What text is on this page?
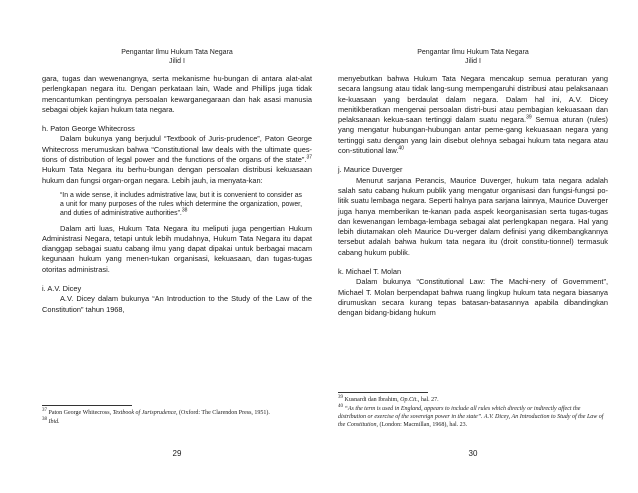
Pengantar Ilmu Hukum Tata Negara
Jilid I

gara, tugas dan wewenangnya, serta mekanisme hu-bungan di antara alat-alat perlengkapan negara itu. Dengan perkataan lain, Wade and Phillips juga tidak mencantumkan pentingnya persoalan kewarganegaraan dan hak asasi manusia sebagai objek kajian hukum tata negara.

h. Paton George Whitecross

Dalam bukunya yang berjudul “Textbook of Juris-prudence”, Paton George Whitecross merumuskan bahwa “Constitutional law deals with the ultimate ques-tions of distribution of legal power and the functions of the organs of the state”.$^{37}$ Hukum Tata Negara itu berhu-bungan dengan persoalan distribusi kekuasaan hukum dan fungsi organ-organ negara. Lebih jauh, ia menyata-kan:

“In a wide sense, it includes admistrative law, but it is convenient to consider as a unit for many purposes of the rules which determine the organization, power, and duties of administrative authorities”.$^{38}$

Dalam arti luas, Hukum Tata Negara itu meliputi juga pengertian Hukum Administrasi Negara, tetapi untuk lebih mudahnya, Hukum Tata Negara itu dapat dianggap sebagai suatu cabang ilmu yang dapat dipakai untuk berbagai macam kegunaan hukum yang menen-tukan organisasi, kekuasaan, dan tugas-tugas otoritas administrasi.

i. A.V. Dicey

A.V. Dicey dalam bukunya “An Introduction to the Study of the Law of the Constitution” tahun 1968,

$^{37}$ Paton George Whitecross, Textbook of Jurisprudence, (Oxford: The Clarendon Press, 1951).

$^{38}$ Ibid.

29
Pengantar Ilmu Hukum Tata Negara
Jilid I

menyebutkan bahwa Hukum Tata Negara mencakup semua peraturan yang secara langsung atau tidak lang-sung mempengaruhi distribusi atau pelaksanaan ke-kuasaan yang berdaulat dalam negara. Dalam hal ini, A.V. Dicey menitikberatkan mengenai persoalan distri-busi atau pembagian kekuasaan dan pelaksanaan kekua-saan tertinggi dalam suatu negara.$^{39}$ Semua aturan (rules) yang mengatur hubungan-hubungan antar peme-gang kekuasaan negara yang tertinggi satu dengan yang lain disebut olehnya sebagai hukum tata negara atau con-stitutional law.$^{40}$

j. Maurice Duverger

Menurut sarjana Perancis, Maurice Duverger, hukum tata negara adalah salah satu cabang hukum publik yang mengatur organisasi dan fungsi-fungsi po-litik suatu lembaga negara. Seperti halnya para sarjana lainnya, Maurice Duverger juga hanya memberikan te-kanan pada aspek keorganisasian serta tugas-tugas dan kewenangan lembaga-lembaga sebagai alat perlengkapan negara. Hal yang lebih diutamakan oleh Maurice Du-verger dalam definisi yang dikembangkannya tersebut adalah bahwa hukum tata negara itu (droit constitu-tionnel) termasuk cabang hukum publik.

k. Michael T. Molan

Dalam bukunya “Constitutional Law: The Machi-nery of Government”, Michael T. Molan berpendapat bahwa ruang lingkup hukum tata negara biasanya dirumuskan secara kurang tepas batasan-batasannya apabila dibandingkan dengan bidang-bidang hukum

$^{39}$ Kusnardi dan Ibrahim, Op.Cit., hal. 27.

$^{40}$ “As the term is used in England, appears to include all rules which directly or indirectly affect the distribution or exercise of the sovereign power in the state”. A.V. Dicey, An Introduction to Study of the Law of the Constitution, (London: Macmillan, 1968), hal. 23.

30
